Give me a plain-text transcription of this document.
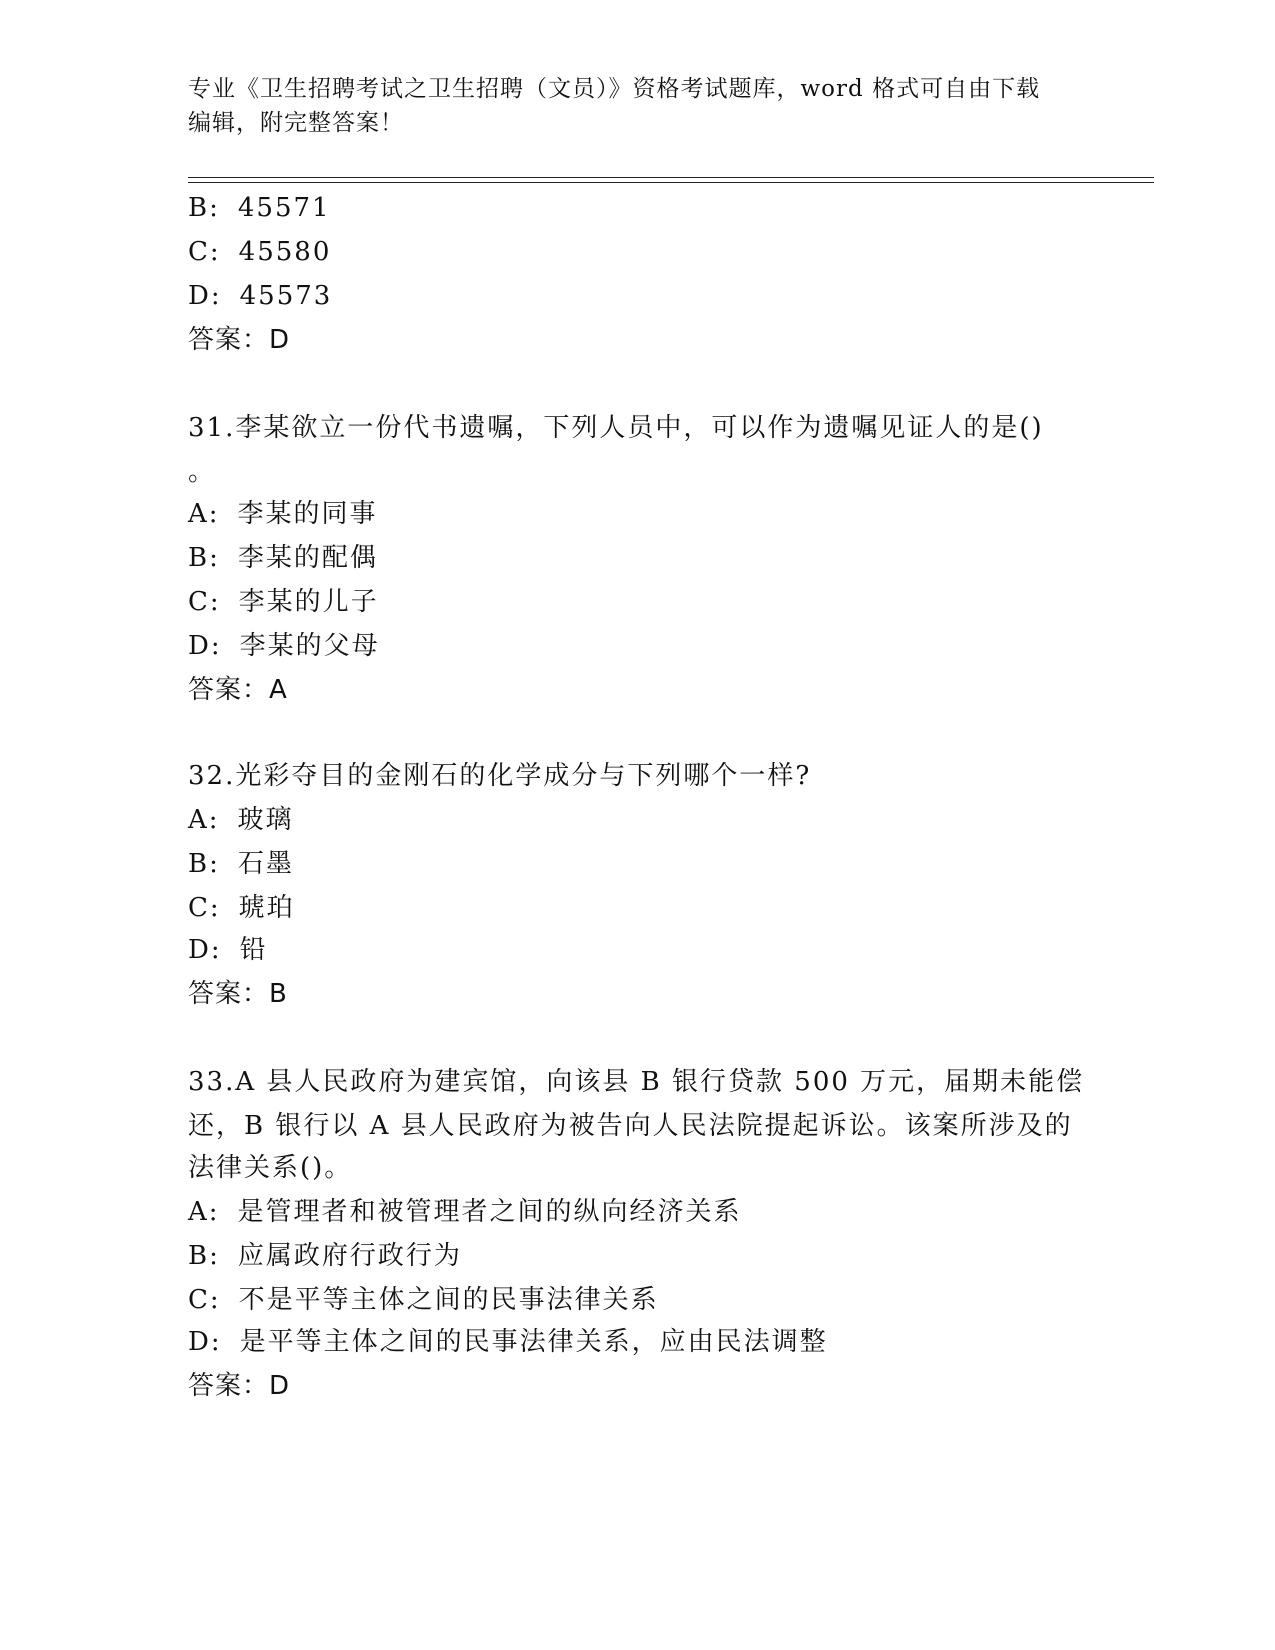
专业《卫生招聘考试之卫生招聘（文员）》资格考试题库，word 格式可自由下载
编辑，附完整答案！
B: 45571
C: 45580
D: 45573
答案：D
31.李某欲立一份代书遗嘱，下列人员中，可以作为遗嘱见证人的是()
。
A: 李某的同事
B: 李某的配偶
C: 李某的儿子
D: 李某的父母
答案：A
32.光彩夺目的金刚石的化学成分与下列哪个一样?
A: 玻璃
B: 石墨
C: 琥珀
D: 铅
答案：B
33.A 县人民政府为建宾馆，向该县 B 银行贷款 500 万元，届期未能偿
还，B 银行以 A 县人民政府为被告向人民法院提起诉讼。该案所涉及的
法律关系()。
A: 是管理者和被管理者之间的纵向经济关系
B: 应属政府行政行为
C: 不是平等主体之间的民事法律关系
D: 是平等主体之间的民事法律关系，应由民法调整
答案：D
